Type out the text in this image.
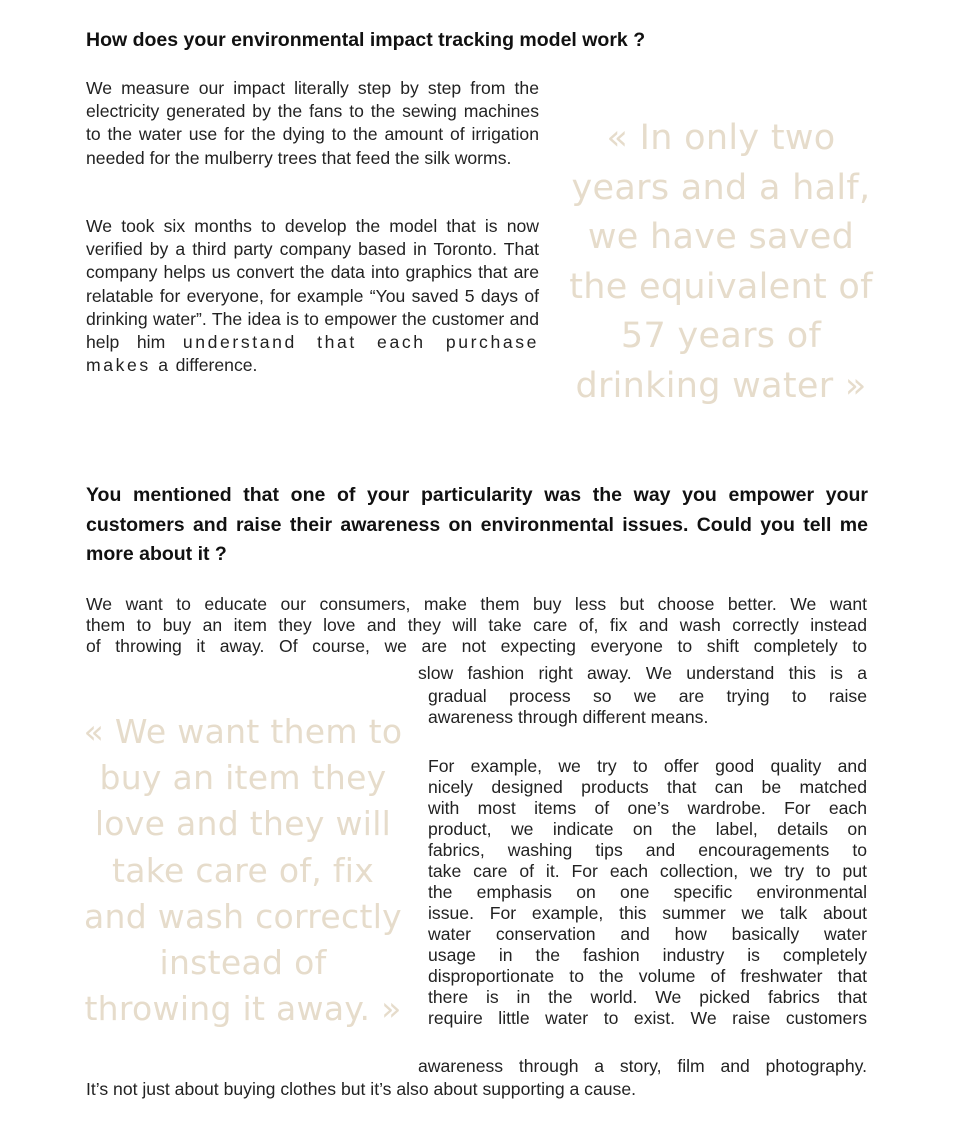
How does your environmental impact tracking model work ?

We measure our impact literally step by step from the electricity generated by the fans to the sewing machines to the water use for the dying to the amount of irrigation needed for the mulberry trees that feed the silk worms.

We took six months to develop the model that is now verified by a third party company based in Toronto. That company helps us convert the data into graphics that are relatable for everyone, for example “You saved 5 days of drinking water”. The idea is to empower the customer and help him understand that each purchase makes a difference.

« In only two years and a half, we have saved the equivalent of 57 years of drinking water »

You mentioned that one of your particularity was the way you empower your customers and raise their awareness on environmental issues. Could you tell me more about it ?
We want to educate our consumers, make them buy less but choose better. We want
them to buy an item they love and they will take care of, fix and wash correctly instead
of throwing it away. Of course, we are not expecting everyone to shift completely to
slow fashion right away. We understand this is a
gradual process so we are trying to raise
awareness through different means.
For example, we try to offer good quality and
nicely designed products that can be matched
with most items of one’s wardrobe. For each
product, we indicate on the label, details on
fabrics, washing tips and encouragements to
take care of it. For each collection, we try to put
the emphasis on one specific environmental
issue. For example, this summer we talk about
water conservation and how basically water
usage in the fashion industry is completely
disproportionate to the volume of freshwater that
there is in the world. We picked fabrics that
require little water to exist. We raise customers
awareness through a story, film and photography.
It’s not just about buying clothes but it’s also about supporting a cause.

« We want them to buy an item they love and they will take care of, fix and wash correctly instead of throwing it away. »
